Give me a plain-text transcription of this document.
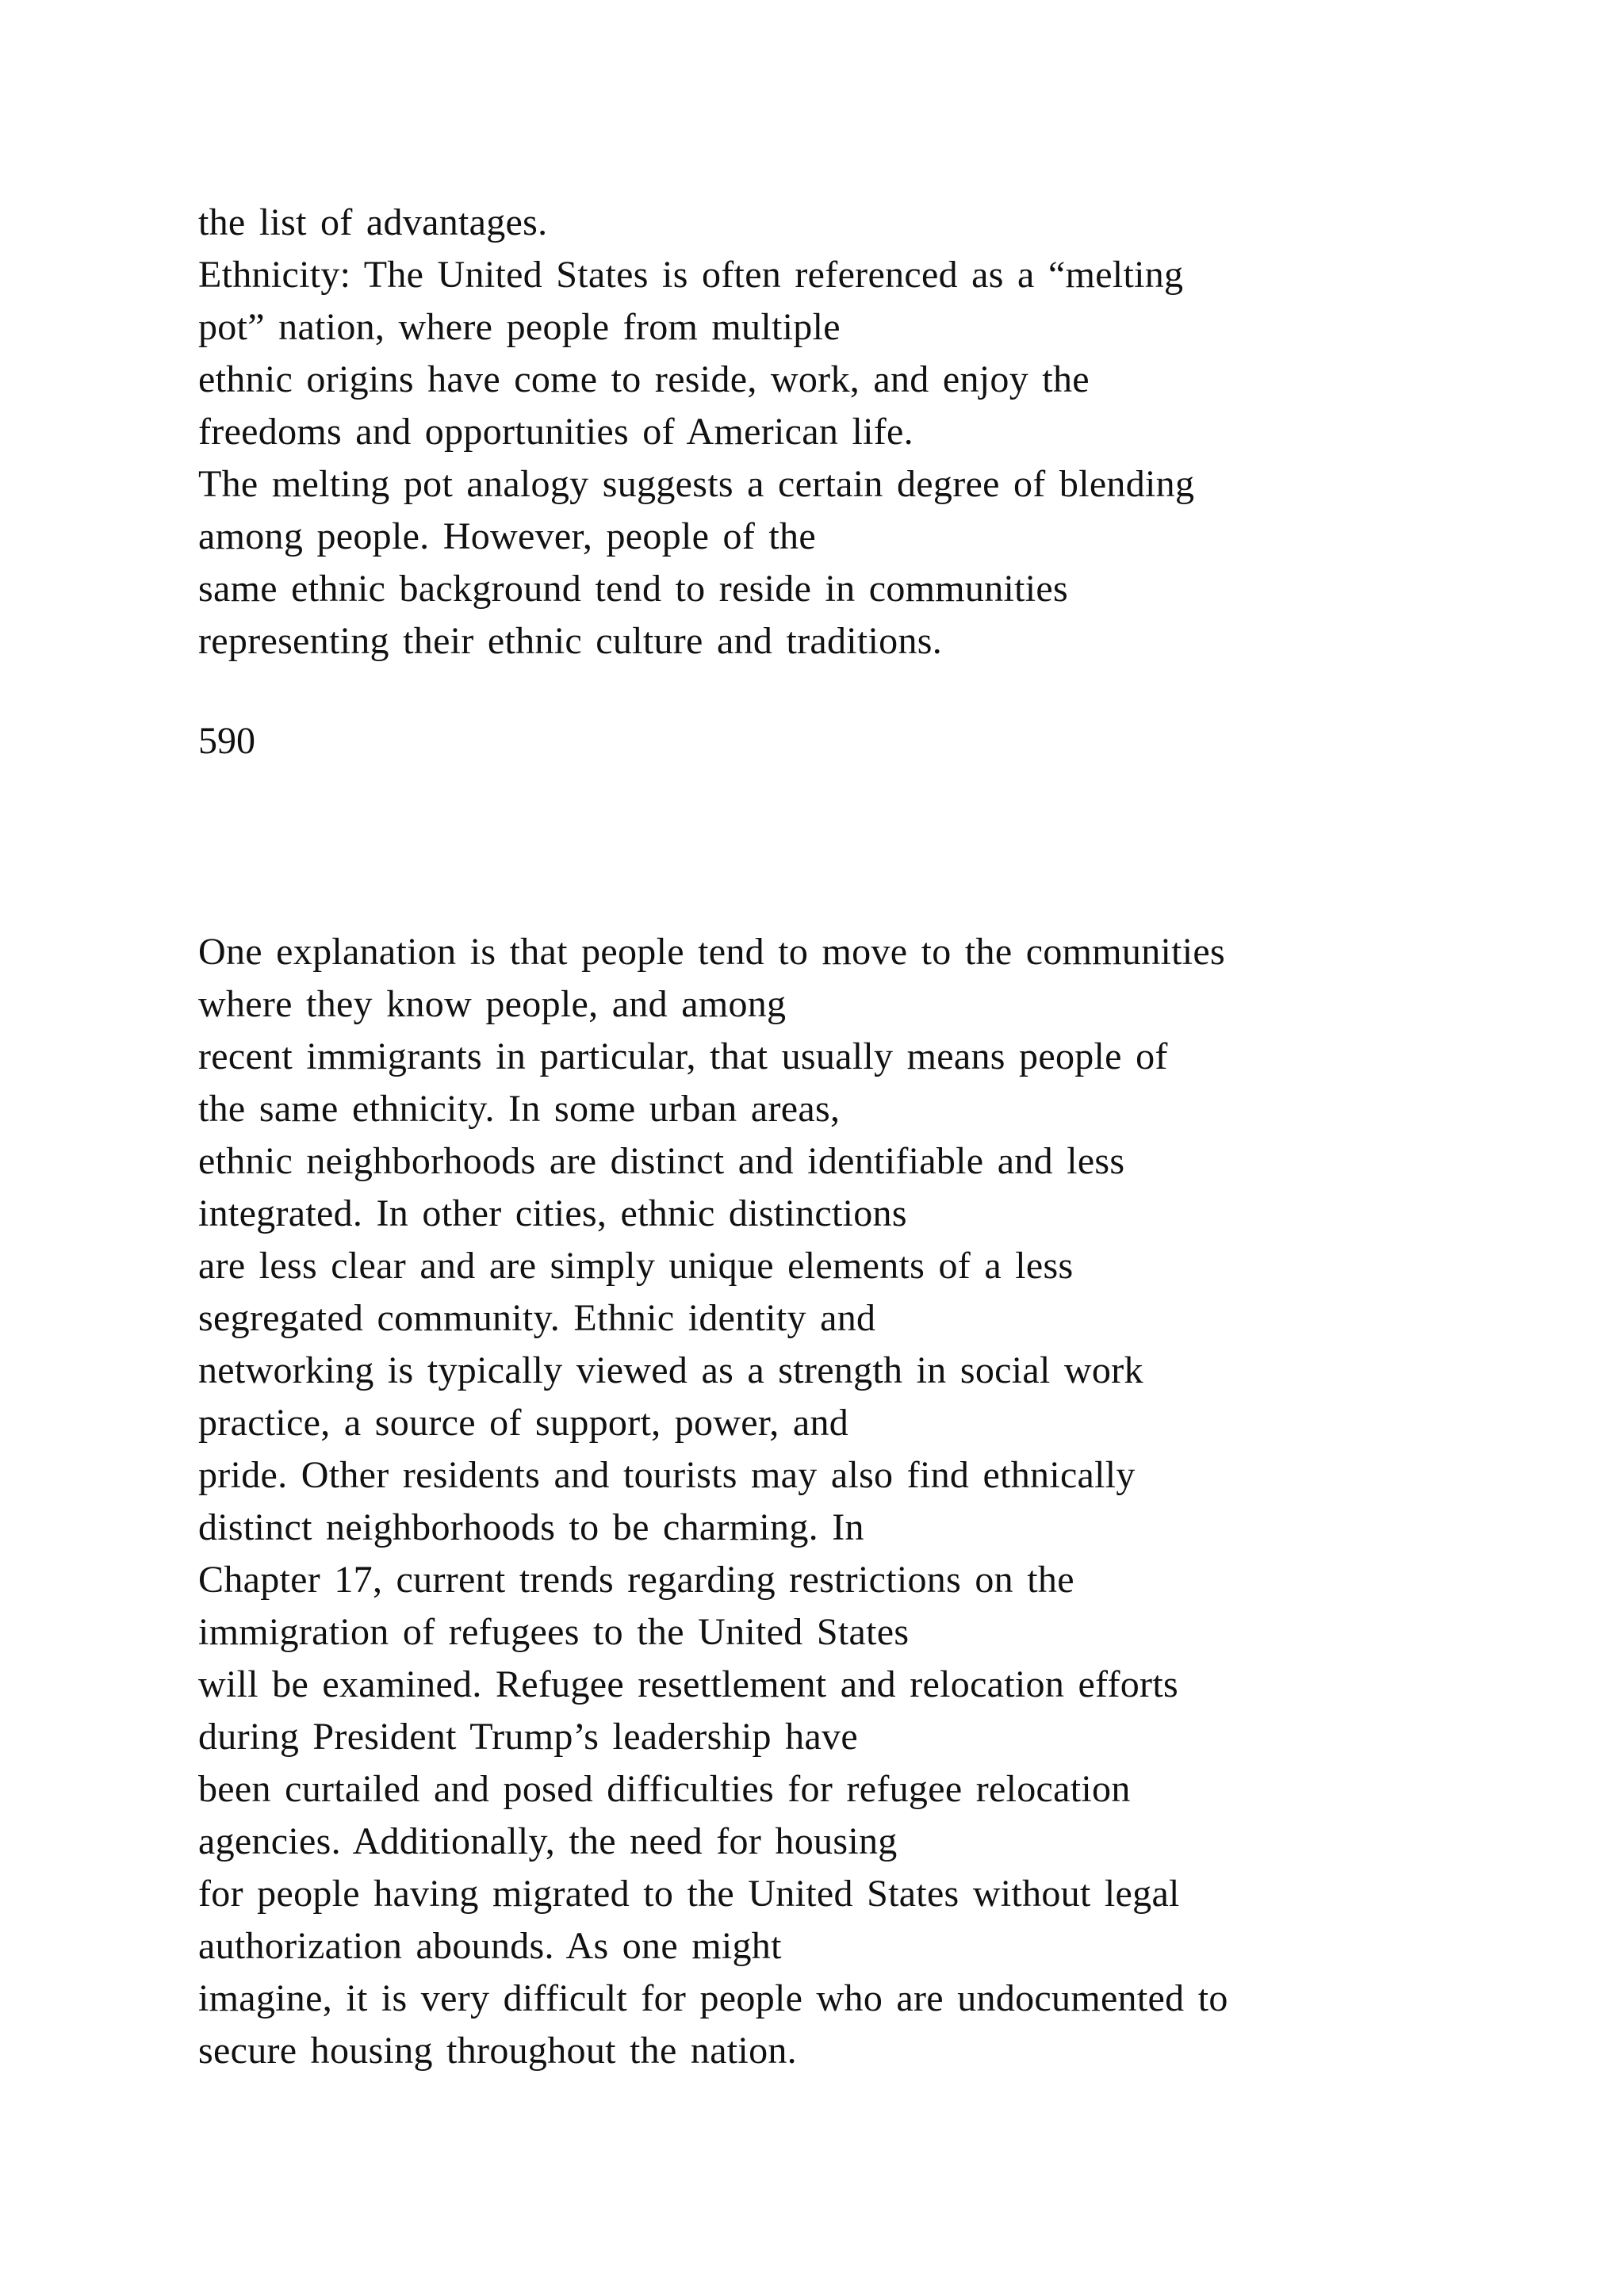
the list of advantages.
Ethnicity: The United States is often referenced as a “melting
pot” nation, where people from multiple
ethnic origins have come to reside, work, and enjoy the
freedoms and opportunities of American life.
The melting pot analogy suggests a certain degree of blending
among people. However, people of the
same ethnic background tend to reside in communities
representing their ethnic culture and traditions.
590
One explanation is that people tend to move to the communities
where they know people, and among
recent immigrants in particular, that usually means people of
the same ethnicity. In some urban areas,
ethnic neighborhoods are distinct and identifiable and less
integrated. In other cities, ethnic distinctions
are less clear and are simply unique elements of a less
segregated community. Ethnic identity and
networking is typically viewed as a strength in social work
practice, a source of support, power, and
pride. Other residents and tourists may also find ethnically
distinct neighborhoods to be charming. In
Chapter 17, current trends regarding restrictions on the
immigration of refugees to the United States
will be examined. Refugee resettlement and relocation efforts
during President Trump’s leadership have
been curtailed and posed difficulties for refugee relocation
agencies. Additionally, the need for housing
for people having migrated to the United States without legal
authorization abounds. As one might
imagine, it is very difficult for people who are undocumented to
secure housing throughout the nation.
